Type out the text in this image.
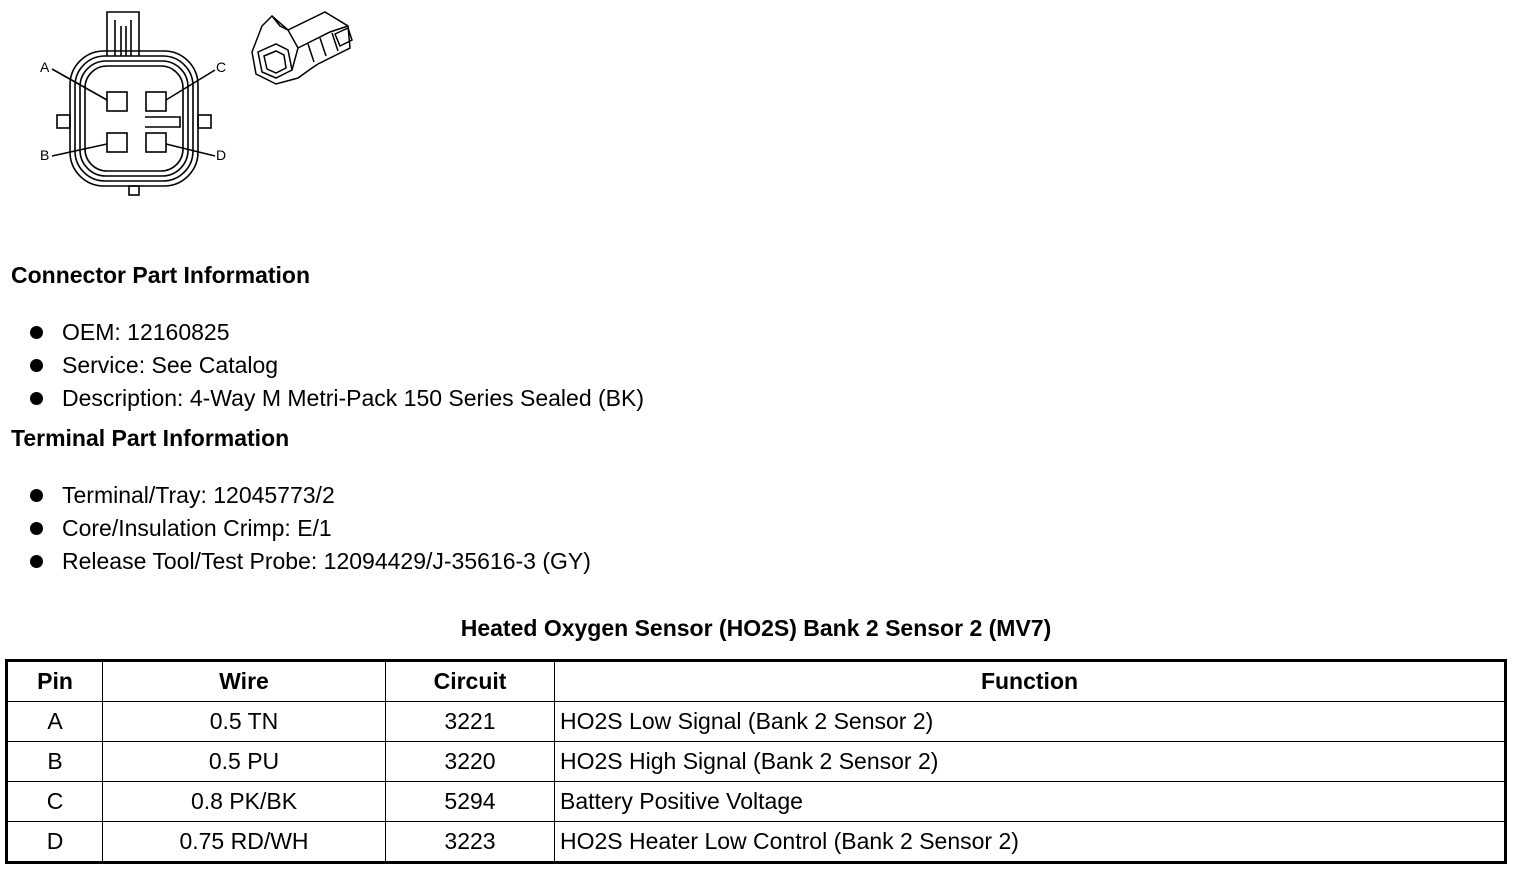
A
B
C
D
Connector Part Information
OEM: 12160825
Service: See Catalog
Description: 4-Way M Metri-Pack 150 Series Sealed (BK)
Terminal Part Information
Terminal/Tray: 12045773/2
Core/Insulation Crimp: E/1
Release Tool/Test Probe: 12094429/J-35616-3 (GY)
Heated Oxygen Sensor (HO2S) Bank 2 Sensor 2 (MV7)
Pin	Wire	Circuit	Function
A	0.5 TN	3221	HO2S Low Signal (Bank 2 Sensor 2)
B	0.5 PU	3220	HO2S High Signal (Bank 2 Sensor 2)
C	0.8 PK/BK	5294	Battery Positive Voltage
D	0.75 RD/WH	3223	HO2S Heater Low Control (Bank 2 Sensor 2)
